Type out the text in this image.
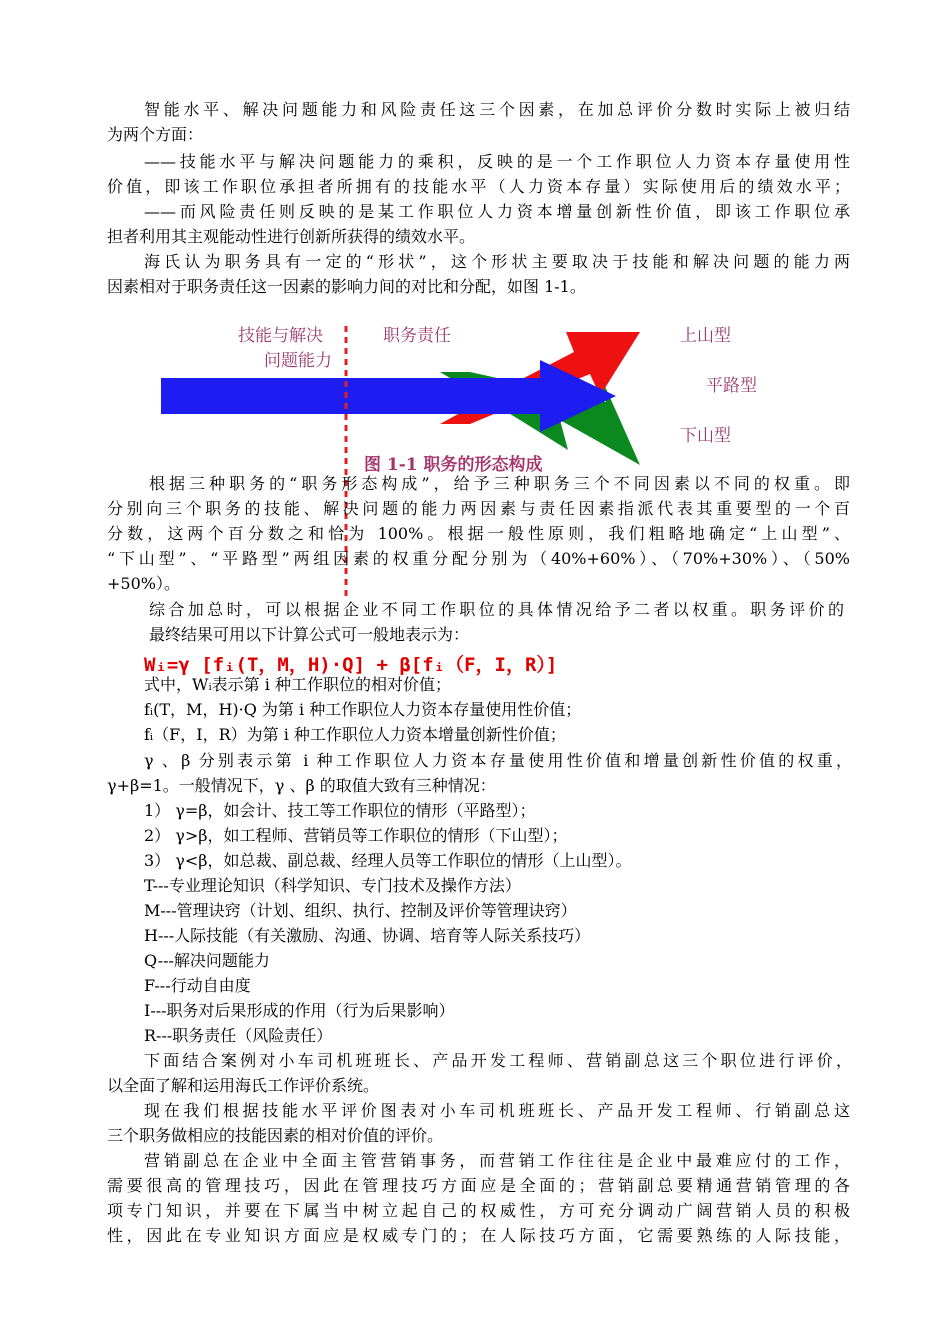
智能水平、解决问题能力和风险责任这三个因素，在加总评价分数时实际上被归结
为两个方面：
——技能水平与解决问题能力的乘积，反映的是一个工作职位人力资本存量使用性
价值，即该工作职位承担者所拥有的技能水平（人力资本存量）实际使用后的绩效水平；
——而风险责任则反映的是某工作职位人力资本增量创新性价值，即该工作职位承
担者利用其主观能动性进行创新所获得的绩效水平。
海氏认为职务具有一定的“形状”，这个形状主要取决于技能和解决问题的能力两
因素相对于职务责任这一因素的影响力间的对比和分配，如图 1-1。
技能与解决
问题能力
职务责任	上山型
平路型
下山型
图 1-1 职务的形态构成
根据三种职务的“职务形态构成”，给予三种职务三个不同因素以不同的权重。即
分别向三个职务的技能、解决问题的能力两因素与责任因素指派代表其重要型的一个百
分数，这两个百分数之和恰为 100%。根据一般性原则，我们粗略地确定“上山型”、
“下山型”、“平路型”两组因素的权重分配分别为（40%+60%）、（70%+30%）、（50%
+50%）。
综合加总时，可以根据企业不同工作职位的具体情况给予二者以权重。职务评价的
最终结果可用以下计算公式可一般地表示为：
Wᵢ=γ [fᵢ(T，M，H)·Q] + β[fᵢ（F，I，R）]
式中，Wᵢ表示第 i 种工作职位的相对价值；
fᵢ(T，M，H)·Q 为第 i 种工作职位人力资本存量使用性价值；
fᵢ（F，I，R）为第 i 种工作职位人力资本增量创新性价值；
γ 、β 分别表示第 i 种工作职位人力资本存量使用性价值和增量创新性价值的权重，
γ+β=1。一般情况下，γ 、β 的取值大致有三种情况：
1） γ=β，如会计、技工等工作职位的情形（平路型）；
2） γ>β，如工程师、营销员等工作职位的情形（下山型）；
3） γ<β，如总裁、副总裁、经理人员等工作职位的情形（上山型）。
T---专业理论知识（科学知识、专门技术及操作方法）
M---管理诀窍（计划、组织、执行、控制及评价等管理诀窍）
H---人际技能（有关激励、沟通、协调、培育等人际关系技巧）
Q---解决问题能力
F---行动自由度
I---职务对后果形成的作用（行为后果影响）
R---职务责任（风险责任）
下面结合案例对小车司机班班长、产品开发工程师、营销副总这三个职位进行评价，
以全面了解和运用海氏工作评价系统。
现在我们根据技能水平评价图表对小车司机班班长、产品开发工程师、行销副总这
三个职务做相应的技能因素的相对价值的评价。
营销副总在企业中全面主管营销事务，而营销工作往往是企业中最难应付的工作，
需要很高的管理技巧，因此在管理技巧方面应是全面的；营销副总要精通营销管理的各
项专门知识，并要在下属当中树立起自己的权威性，方可充分调动广阔营销人员的积极
性，因此在专业知识方面应是权威专门的；在人际技巧方面，它需要熟练的人际技能，
